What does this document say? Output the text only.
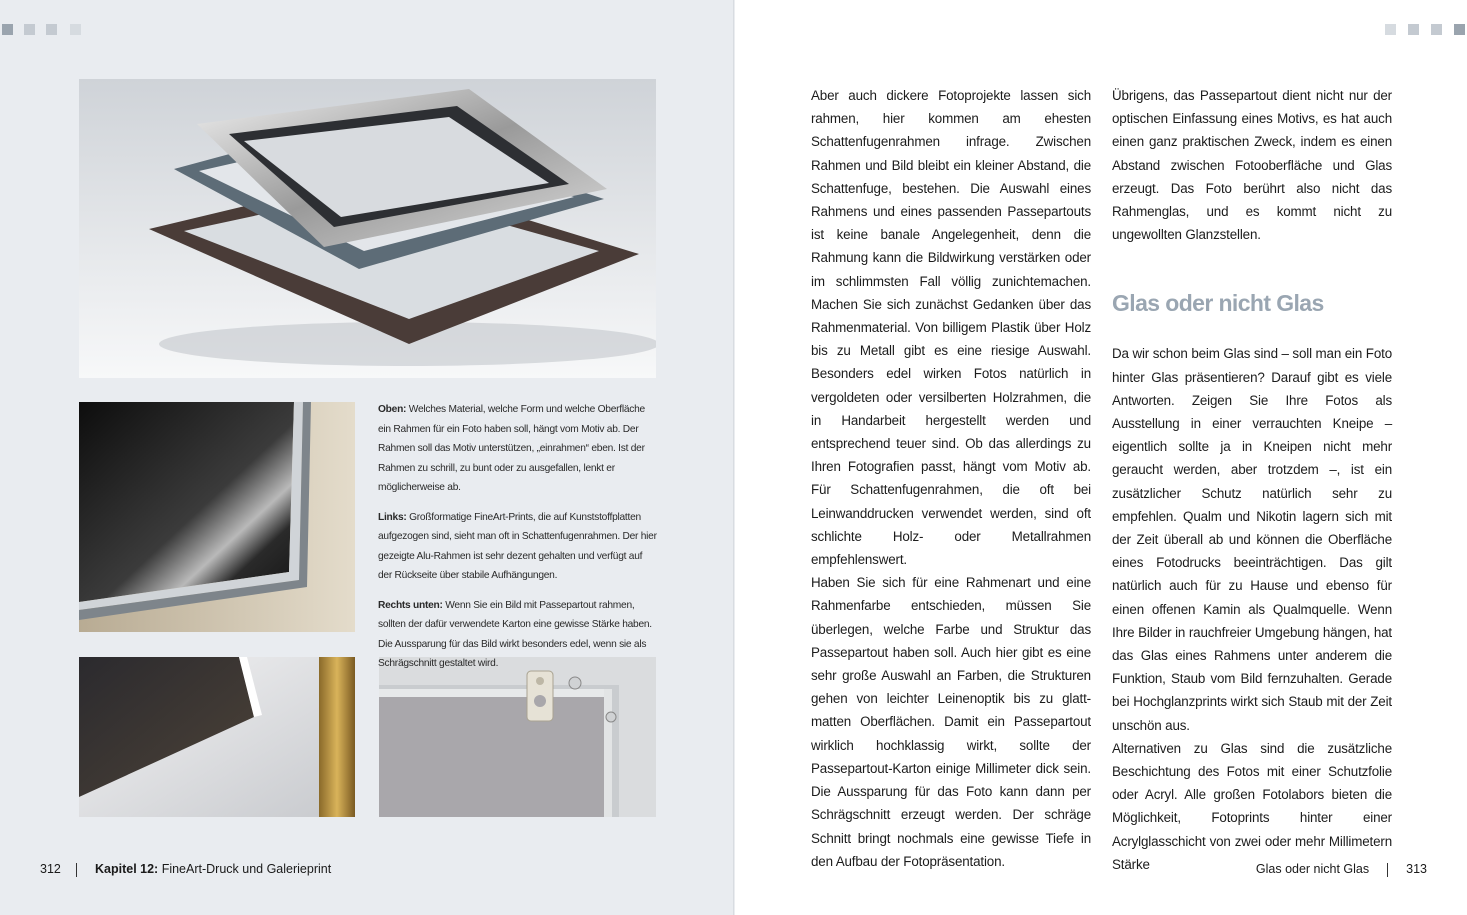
Oben: Welches Material, welche Form und welche Oberfläche ein Rahmen für ein Foto haben soll, hängt vom Motiv ab. Der Rahmen soll das Motiv unterstützen, „einrahmen“ eben. Ist der Rahmen zu schrill, zu bunt oder zu ausgefallen, lenkt er möglicherweise ab.

Links: Großformatige FineArt-Prints, die auf Kunststoffplatten aufgezogen sind, sieht man oft in Schattenfugenrahmen. Der hier gezeigte Alu-Rahmen ist sehr dezent gehalten und verfügt auf der Rückseite über stabile Aufhängungen.

Rechts unten: Wenn Sie ein Bild mit Passepartout rahmen, sollten der dafür verwendete Karton eine gewisse Stärke haben. Die Aussparung für das Bild wirkt besonders edel, wenn sie als Schrägschnitt gestaltet wird.

Aber auch dickere Fotoprojekte lassen sich rahmen, hier kommen am ehesten Schattenfugenrahmen infrage. Zwischen Rahmen und Bild bleibt ein kleiner Abstand, die Schattenfuge, bestehen. Die Auswahl eines Rahmens und eines passenden Passepartouts ist keine banale Angelegenheit, denn die Rahmung kann die Bildwirkung verstärken oder im schlimmsten Fall völlig zunichtemachen. Machen Sie sich zunächst Gedanken über das Rahmenmaterial. Von billigem Plastik über Holz bis zu Metall gibt es eine riesige Auswahl. Besonders edel wirken Fotos natürlich in vergoldeten oder versilberten Holzrahmen, die in Handarbeit hergestellt werden und entsprechend teuer sind. Ob das allerdings zu Ihren Fotografien passt, hängt vom Motiv ab. Für Schattenfugenrahmen, die oft bei Leinwanddrucken verwendet werden, sind oft schlichte Holz- oder Metallrahmen empfehlenswert.

Haben Sie sich für eine Rahmenart und eine Rahmenfarbe entschieden, müssen Sie überlegen, welche Farbe und Struktur das Passepartout haben soll. Auch hier gibt es eine sehr große Auswahl an Farben, die Strukturen gehen von leichter Leinenoptik bis zu glatt-matten Oberflächen. Damit ein Passepartout wirklich hochklassig wirkt, sollte der Passepartout-Karton einige Millimeter dick sein. Die Aussparung für das Foto kann dann per Schrägschnitt erzeugt werden. Der schräge Schnitt bringt nochmals eine gewisse Tiefe in den Aufbau der Fotopräsentation.

Übrigens, das Passepartout dient nicht nur der optischen Einfassung eines Motivs, es hat auch einen ganz praktischen Zweck, indem es einen Abstand zwischen Fotooberfläche und Glas erzeugt. Das Foto berührt also nicht das Rahmenglas, und es kommt nicht zu ungewollten Glanzstellen.

Glas oder nicht Glas

Da wir schon beim Glas sind – soll man ein Foto hinter Glas präsentieren? Darauf gibt es viele Antworten. Zeigen Sie Ihre Fotos als Ausstellung in einer verrauchten Kneipe – eigentlich sollte ja in Kneipen nicht mehr geraucht werden, aber trotzdem –, ist ein zusätzlicher Schutz natürlich sehr zu empfehlen. Qualm und Nikotin lagern sich mit der Zeit überall ab und können die Oberfläche eines Fotodrucks beeinträchtigen. Das gilt natürlich auch für zu Hause und ebenso für einen offenen Kamin als Qualmquelle. Wenn Ihre Bilder in rauchfreier Umgebung hängen, hat das Glas eines Rahmens unter anderem die Funktion, Staub vom Bild fernzuhalten. Gerade bei Hochglanzprints wirkt sich Staub mit der Zeit unschön aus.

Alternativen zu Glas sind die zusätzliche Beschichtung des Fotos mit einer Schutzfolie oder Acryl. Alle großen Fotolabors bieten die Möglichkeit, Fotoprints hinter einer Acrylglasschicht von zwei oder mehr Millimetern Stärke

312	Kapitel 12: FineArt-Druck und Galerieprint	Glas oder nicht Glas	313
